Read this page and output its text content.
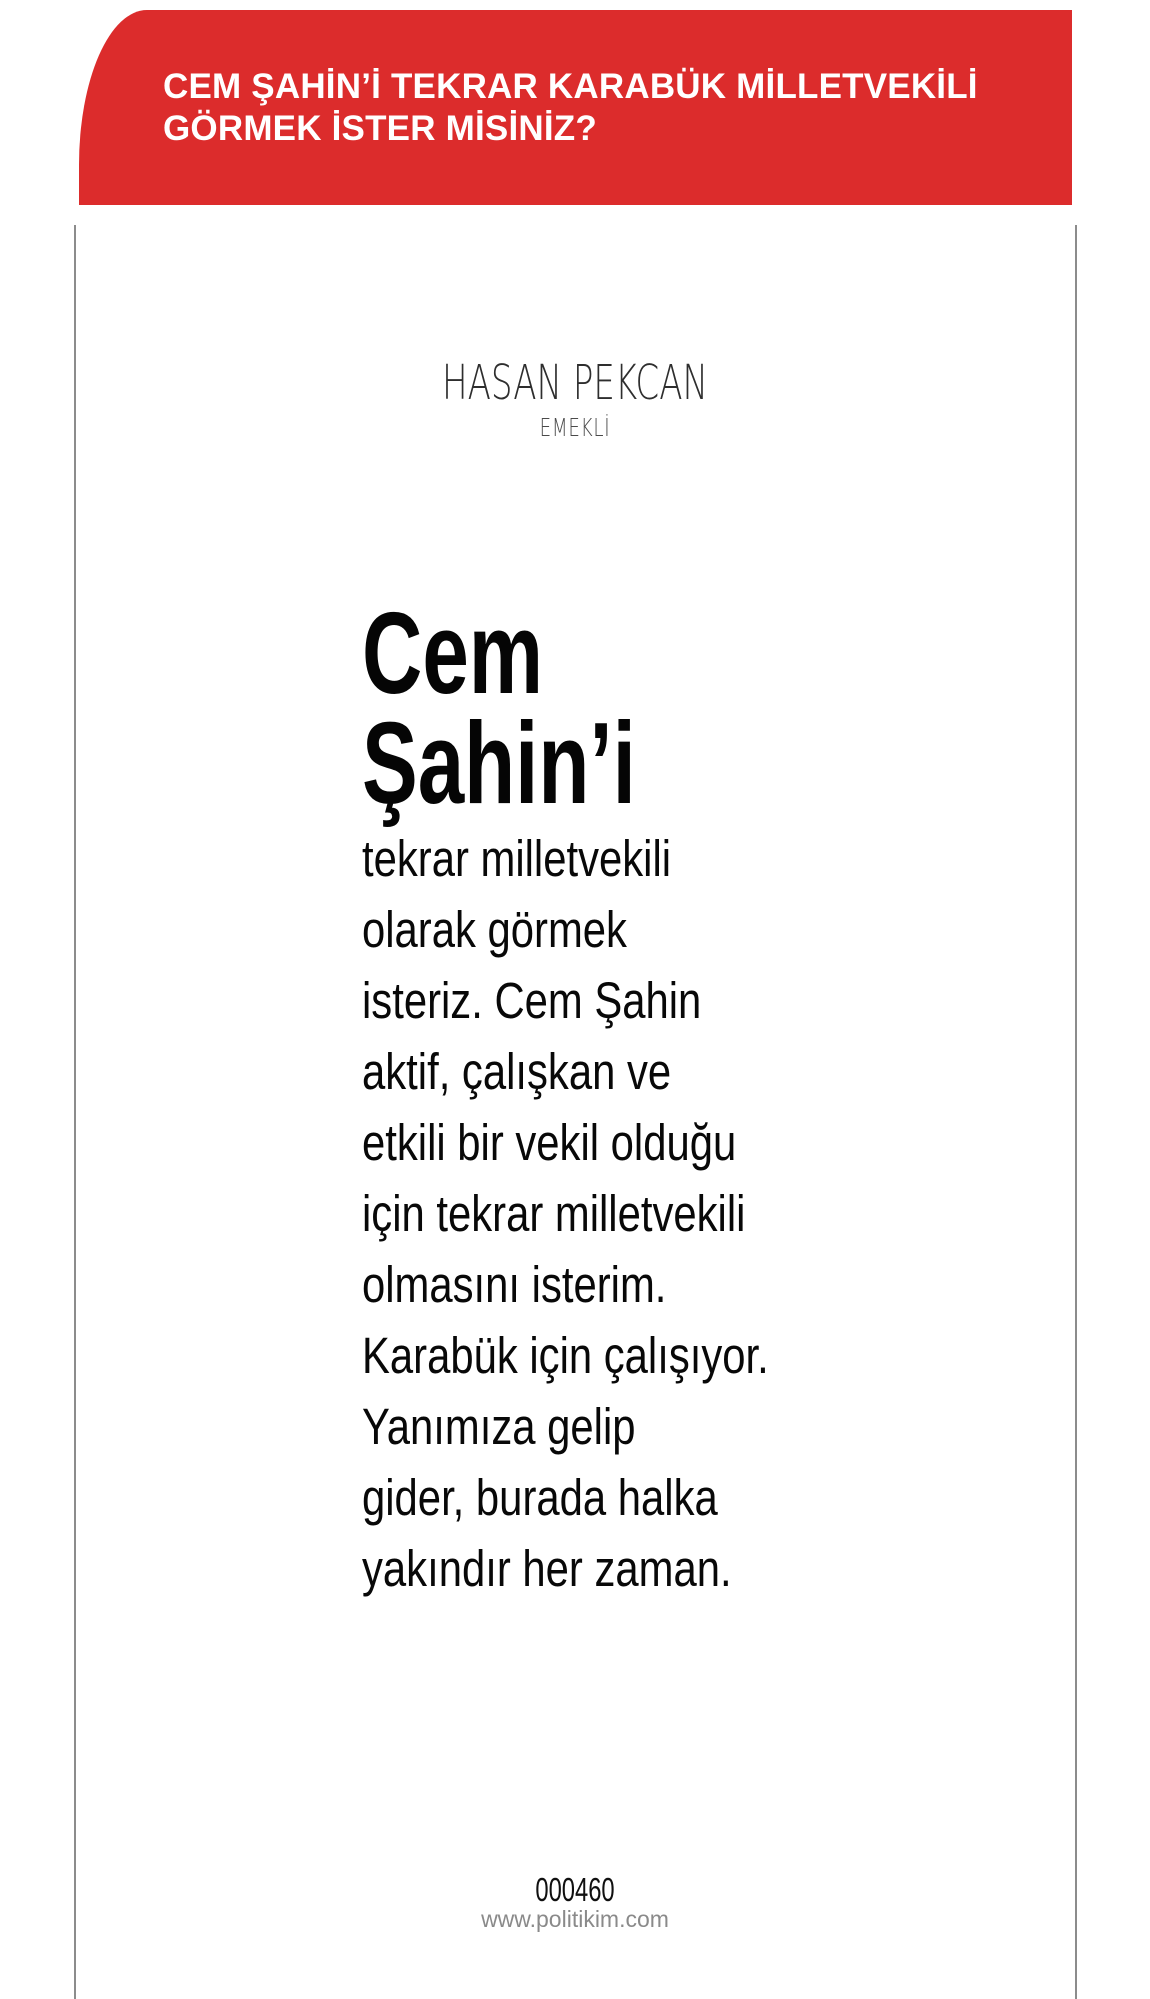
CEM ŞAHİN’İ TEKRAR KARABÜK MİLLETVEKİLİ
GÖRMEK İSTER MİSİNİZ?
HASAN PEKCAN
EMEKLİ
Cem
Şahin’i
tekrar milletvekili
olarak görmek
isteriz. Cem Şahin
aktif, çalışkan ve
etkili bir vekil olduğu
için tekrar milletvekili
olmasını isterim.
Karabük için çalışıyor.
Yanımıza gelip
gider, burada halka
yakındır her zaman.
000460
www.politikim.com
